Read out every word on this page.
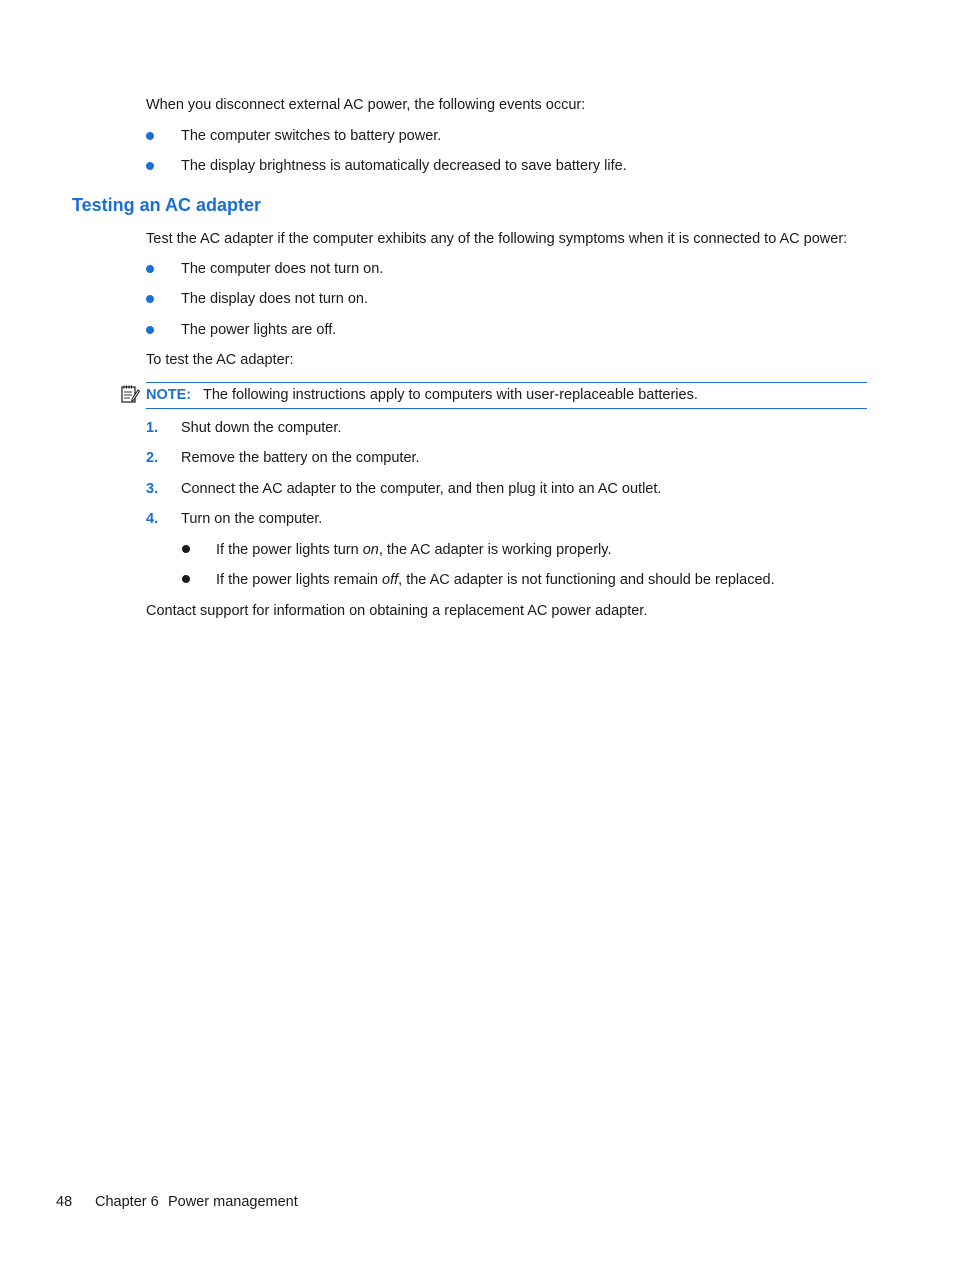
When you disconnect external AC power, the following events occur:
The computer switches to battery power.
The display brightness is automatically decreased to save battery life.
Testing an AC adapter
Test the AC adapter if the computer exhibits any of the following symptoms when it is connected to AC power:
The computer does not turn on.
The display does not turn on.
The power lights are off.
To test the AC adapter:
NOTE: The following instructions apply to computers with user-replaceable batteries.
1. Shut down the computer.
2. Remove the battery on the computer.
3. Connect the AC adapter to the computer, and then plug it into an AC outlet.
4. Turn on the computer.
If the power lights turn on, the AC adapter is working properly.
If the power lights remain off, the AC adapter is not functioning and should be replaced.
Contact support for information on obtaining a replacement AC power adapter.
48 Chapter 6 Power management
